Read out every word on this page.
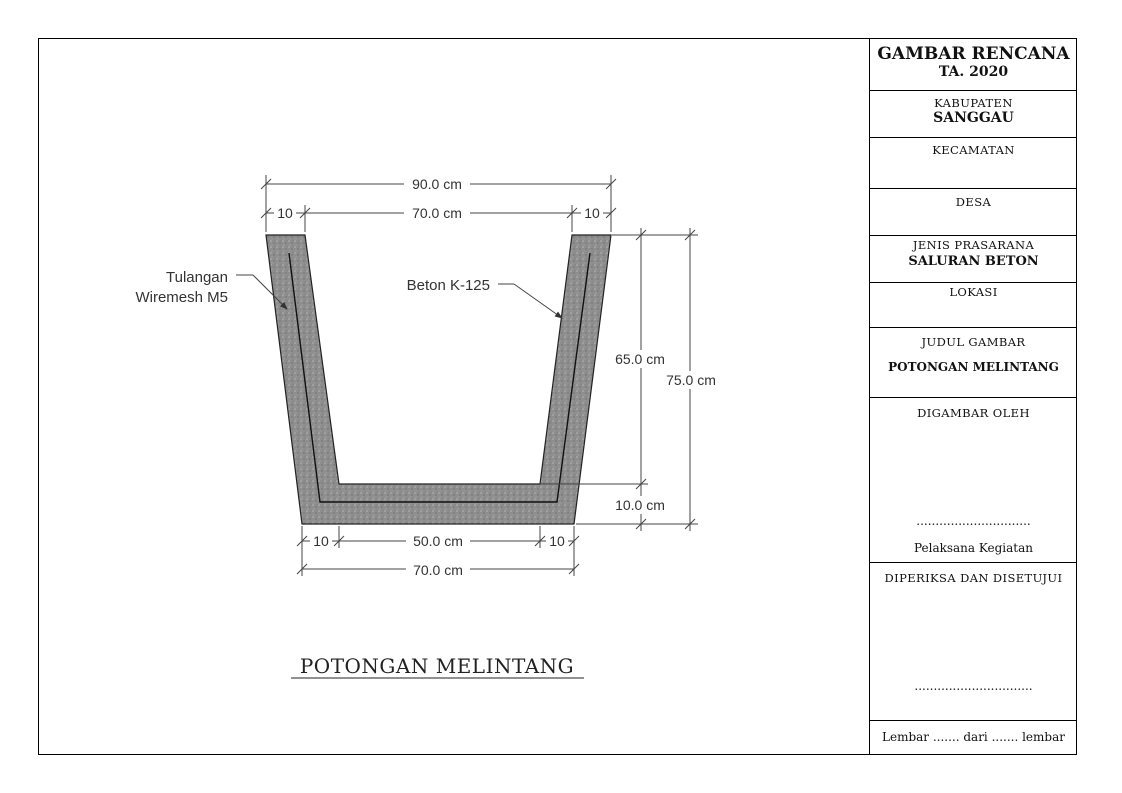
90.0 cm
70.0 cm
10	10
65.0 cm
75.0 cm
10.0 cm
50.0 cm
70.0 cm
10	10
Tulangan
Wiremesh M5
Beton K-125
POTONGAN MELINTANG
GAMBAR RENCANA
TA. 2020
KABUPATEN
SANGGAU
KECAMATAN
DESA
JENIS PRASARANA
SALURAN BETON
LOKASI
JUDUL GAMBAR
POTONGAN MELINTANG
DIGAMBAR OLEH
..............................
Pelaksana Kegiatan
DIPERIKSA DAN DISETUJUI
...............................
Lembar ....... dari ....... lembar
